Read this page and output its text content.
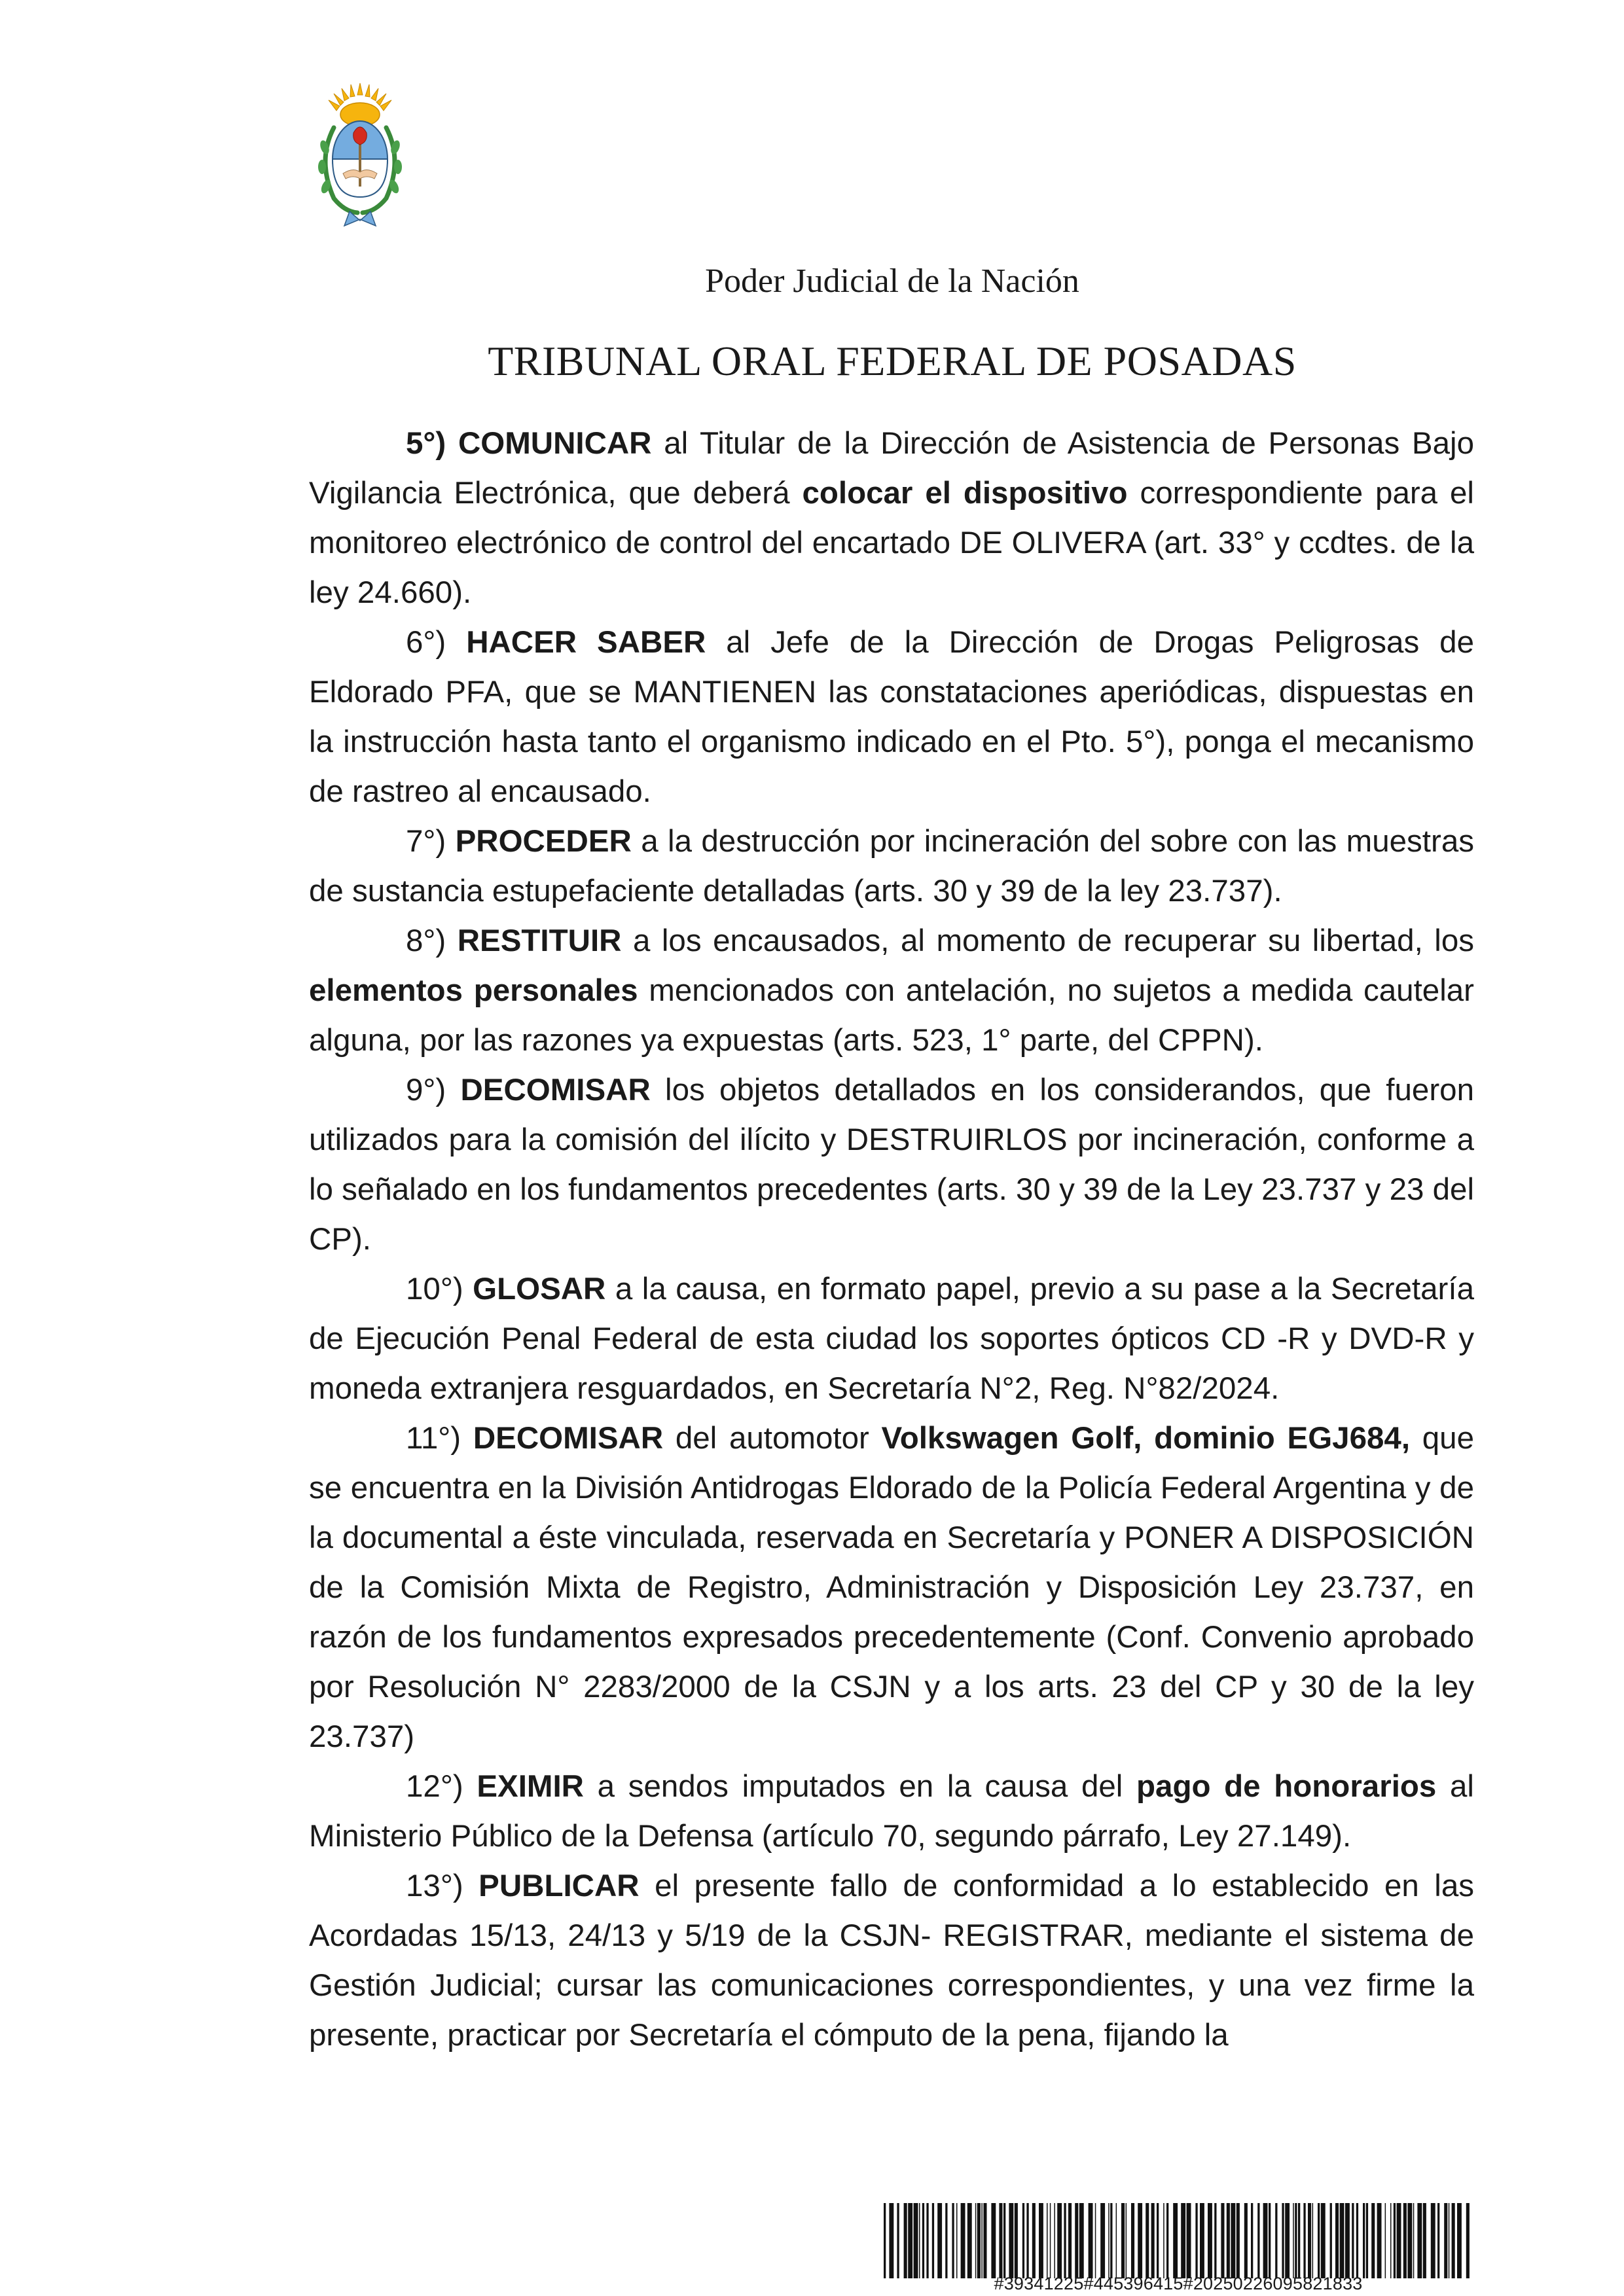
Poder Judicial de la Nación
TRIBUNAL ORAL FEDERAL DE POSADAS

5°) COMUNICAR al Titular de la Dirección de Asistencia de Personas Bajo Vigilancia Electrónica, que deberá colocar el dispositivo correspondiente para el monitoreo electrónico de control del encartado DE OLIVERA (art. 33° y ccdtes. de la ley 24.660).

6°) HACER SABER al Jefe de la Dirección de Drogas Peligrosas de Eldorado PFA, que se MANTIENEN las constataciones aperiódicas, dispuestas en la instrucción hasta tanto el organismo indicado en el Pto. 5°), ponga el mecanismo de rastreo al encausado.

7°) PROCEDER a la destrucción por incineración del sobre con las muestras de sustancia estupefaciente detalladas (arts. 30 y 39 de la ley 23.737).

8°) RESTITUIR a los encausados, al momento de recuperar su libertad, los elementos personales mencionados con antelación, no sujetos a medida cautelar alguna, por las razones ya expuestas (arts. 523, 1° parte, del CPPN).

9°) DECOMISAR los objetos detallados en los considerandos, que fueron utilizados para la comisión del ilícito y DESTRUIRLOS por incineración, conforme a lo señalado en los fundamentos precedentes (arts. 30 y 39 de la Ley 23.737 y 23 del CP).

10°) GLOSAR a la causa, en formato papel, previo a su pase a la Secretaría de Ejecución Penal Federal de esta ciudad los soportes ópticos CD -R y DVD-R y moneda extranjera resguardados, en Secretaría N°2, Reg. N°82/2024.

11°) DECOMISAR del automotor Volkswagen Golf, dominio EGJ684, que se encuentra en la División Antidrogas Eldorado de la Policía Federal Argentina y de la documental a éste vinculada, reservada en Secretaría y PONER A DISPOSICIÓN de la Comisión Mixta de Registro, Administración y Disposición Ley 23.737, en razón de los fundamentos expresados precedentemente (Conf. Convenio aprobado por Resolución N° 2283/2000 de la CSJN y a los arts. 23 del CP y 30 de la ley 23.737)

12°) EXIMIR a sendos imputados en la causa del pago de honorarios al Ministerio Público de la Defensa (artículo 70, segundo párrafo, Ley 27.149).

13°) PUBLICAR el presente fallo de conformidad a lo establecido en las Acordadas 15/13, 24/13 y 5/19 de la CSJN- REGISTRAR, mediante el sistema de Gestión Judicial; cursar las comunicaciones correspondientes, y una vez firme la presente, practicar por Secretaría el cómputo de la pena, fijando la

#39341225#445396415#20250226095821833
